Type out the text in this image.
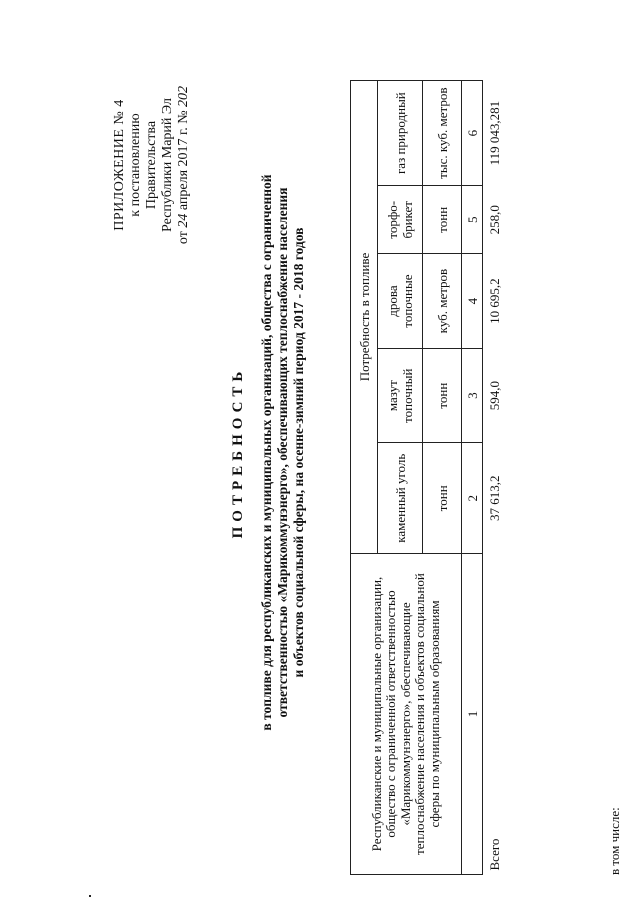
ПРИЛОЖЕНИЕ № 4 к постановлению Правительства Республики Марий Эл
от 24 апреля 2017 г. № 202
ПОТРЕБНОСТЬ в топливе для республиканских и муниципальных организаций, общества с ограниченной ответственностью «Марикоммунэнерго», обеспечивающих теплоснабжение населения и объектов социальной сферы, на осенне-зимний период 2017 - 2018 годов
Республиканские и муниципальные организации, общество с ограниченной ответственностью «Марикоммунэнерго», обеспечивающие теплоснабжение населения и объектов социальной сферы по муниципальным образованиям	Потребность в топливе				
	каменный уголь	мазут топочный	дрова топочные	торфо-брикет	газ природный
	тонн	тонн	куб. метров	тонн	тыс. куб. метров
1	2	3	4	5	6
Всего	37 613,2	594,0	10 695,2	258,0	119 043,281
в том числе:
